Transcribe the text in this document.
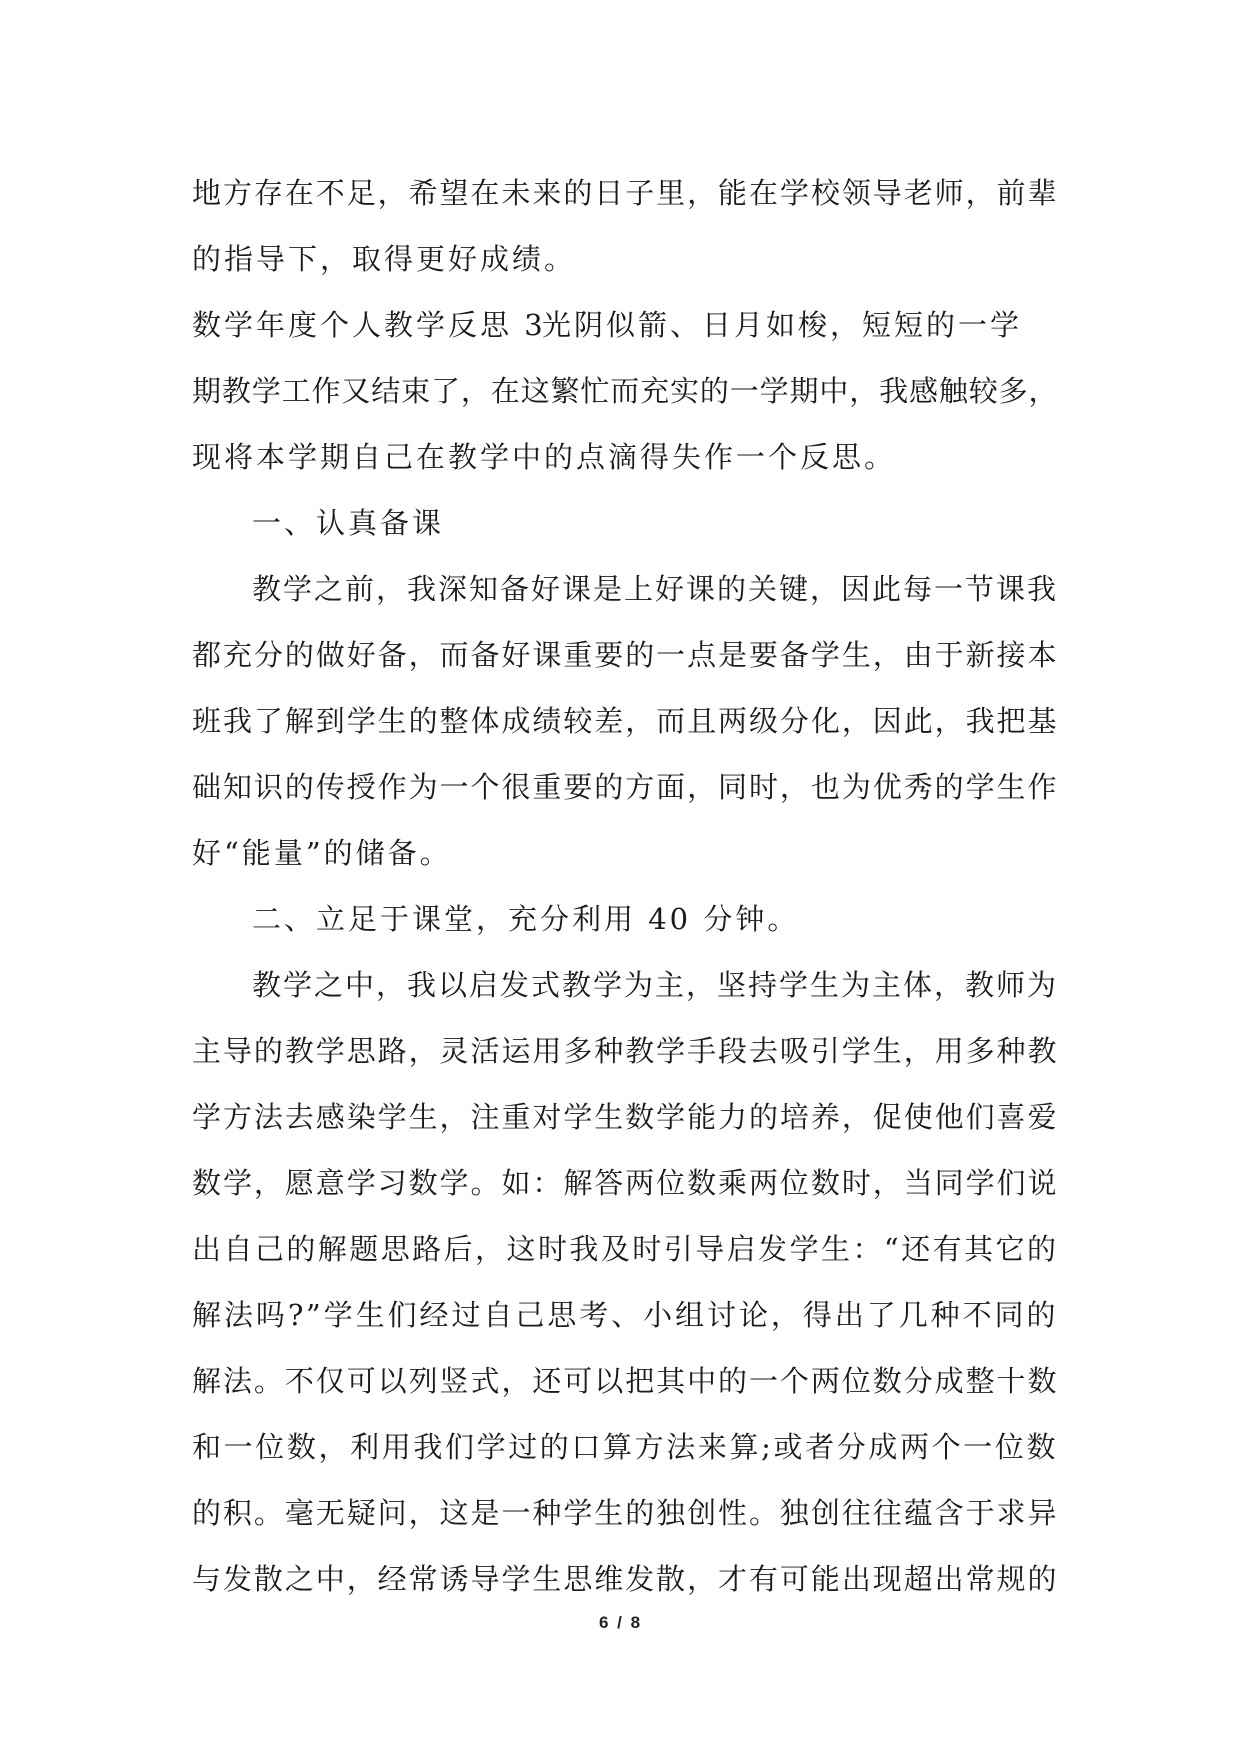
地方存在不足，希望在未来的日子里，能在学校领导老师，前辈
的指导下，取得更好成绩。
数学年度个人教学反思 3光阴似箭、日月如梭，短短的一学
期教学工作又结束了，在这繁忙而充实的一学期中，我感触较多，
现将本学期自己在教学中的点滴得失作一个反思。
一、认真备课
教学之前，我深知备好课是上好课的关键，因此每一节课我
都充分的做好备，而备好课重要的一点是要备学生，由于新接本
班我了解到学生的整体成绩较差，而且两级分化，因此，我把基
础知识的传授作为一个很重要的方面，同时，也为优秀的学生作
好“能量”的储备。
二、立足于课堂，充分利用 40 分钟。
教学之中，我以启发式教学为主，坚持学生为主体，教师为
主导的教学思路，灵活运用多种教学手段去吸引学生，用多种教
学方法去感染学生，注重对学生数学能力的培养，促使他们喜爱
数学，愿意学习数学。如：解答两位数乘两位数时，当同学们说
出自己的解题思路后，这时我及时引导启发学生：“还有其它的
解法吗?”学生们经过自己思考、小组讨论，得出了几种不同的
解法。不仅可以列竖式，还可以把其中的一个两位数分成整十数
和一位数，利用我们学过的口算方法来算;或者分成两个一位数
的积。毫无疑问，这是一种学生的独创性。独创往往蕴含于求异
与发散之中，经常诱导学生思维发散，才有可能出现超出常规的
6 / 8
